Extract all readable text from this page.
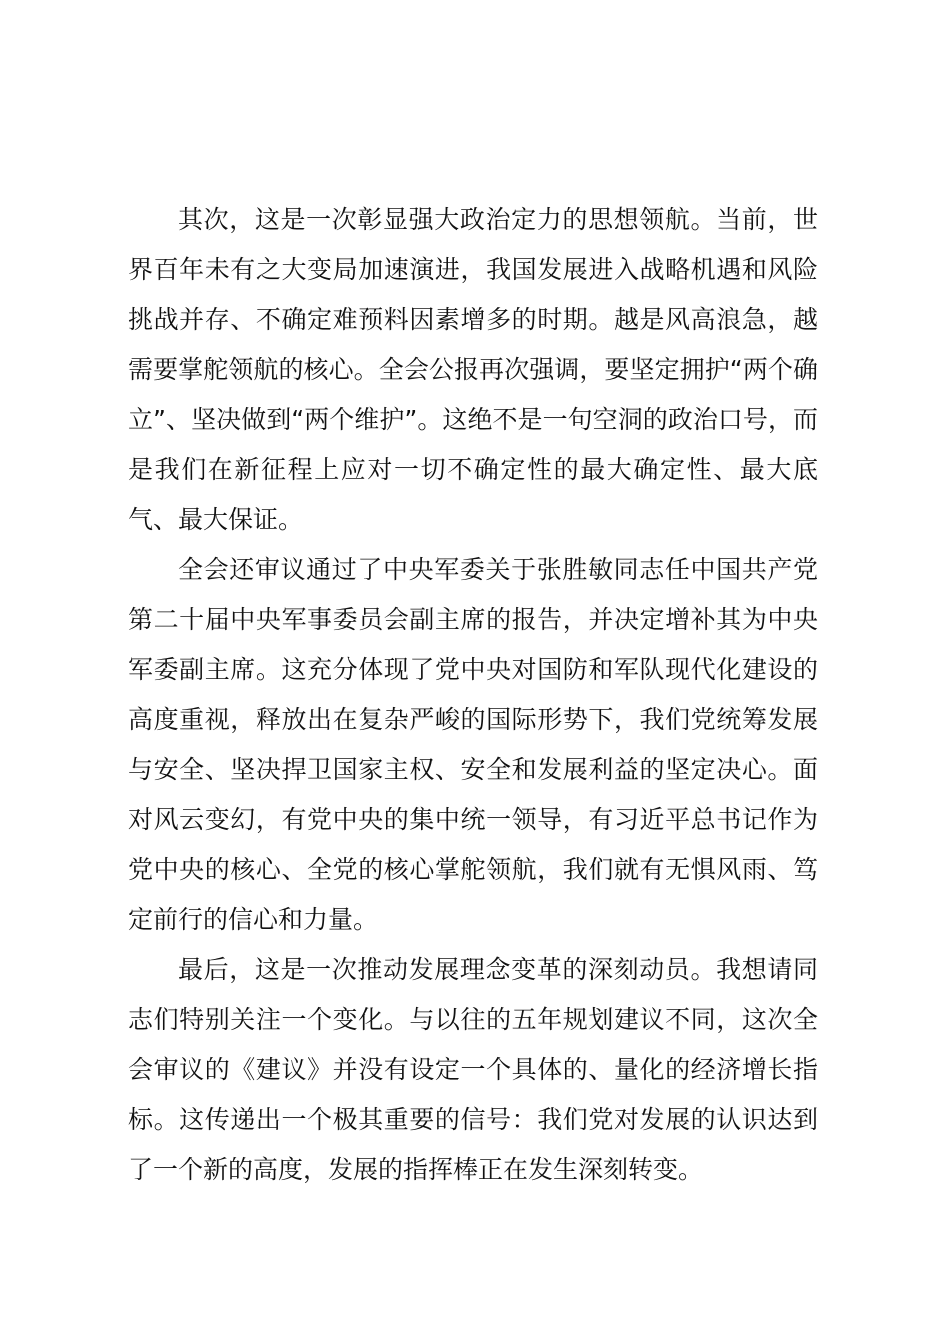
其次，这是一次彰显强大政治定力的思想领航。当前，世界百年未有之大变局加速演进，我国发展进入战略机遇和风险挑战并存、不确定难预料因素增多的时期。越是风高浪急，越需要掌舵领航的核心。全会公报再次强调，要坚定拥护“两个确立”、坚决做到“两个维护”。这绝不是一句空洞的政治口号，而是我们在新征程上应对一切不确定性的最大确定性、最大底气、最大保证。

全会还审议通过了中央军委关于张胜敏同志任中国共产党第二十届中央军事委员会副主席的报告，并决定增补其为中央军委副主席。这充分体现了党中央对国防和军队现代化建设的高度重视，释放出在复杂严峻的国际形势下，我们党统筹发展与安全、坚决捍卫国家主权、安全和发展利益的坚定决心。面对风云变幻，有党中央的集中统一领导，有习近平总书记作为党中央的核心、全党的核心掌舵领航，我们就有无惧风雨、笃定前行的信心和力量。

最后，这是一次推动发展理念变革的深刻动员。我想请同志们特别关注一个变化。与以往的五年规划建议不同，这次全会审议的《建议》并没有设定一个具体的、量化的经济增长指标。这传递出一个极其重要的信号：我们党对发展的认识达到了一个新的高度，发展的指挥棒正在发生深刻转变。
